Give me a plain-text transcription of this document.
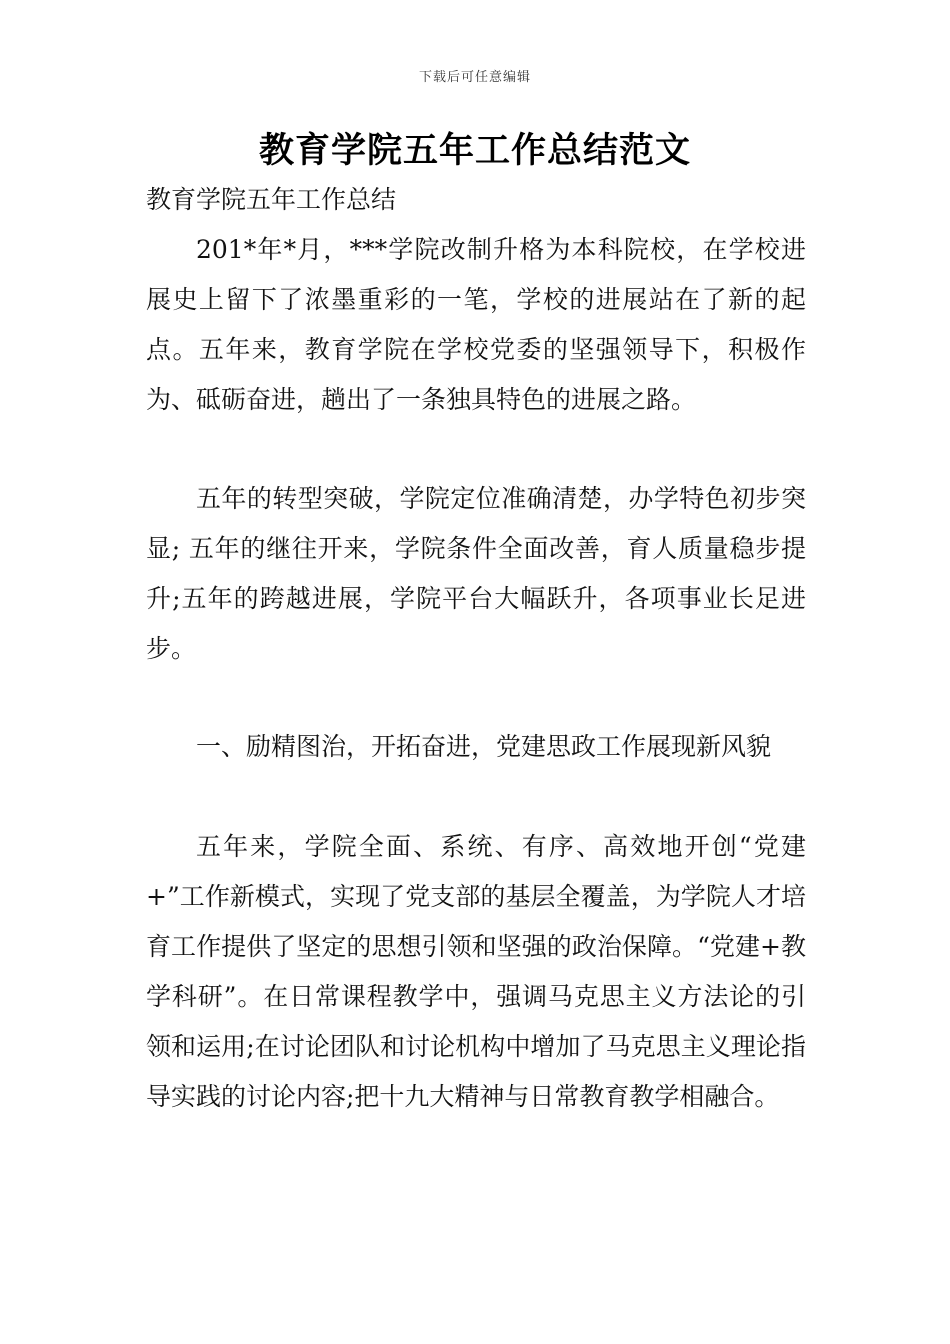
下载后可任意编辑
教育学院五年工作总结范文
教育学院五年工作总结
201*年*月，***学院改制升格为本科院校，在学校进展史上留下了浓墨重彩的一笔，学校的进展站在了新的起点。五年来，教育学院在学校党委的坚强领导下，积极作为、砥砺奋进，趟出了一条独具特色的进展之路。
五年的转型突破，学院定位准确清楚，办学特色初步突显; 五年的继往开来，学院条件全面改善，育人质量稳步提升;五年的跨越进展，学院平台大幅跃升，各项事业长足进步。
一、励精图治，开拓奋进，党建思政工作展现新风貌
五年来，学院全面、系统、有序、高效地开创“党建+”工作新模式，实现了党支部的基层全覆盖，为学院人才培育工作提供了坚定的思想引领和坚强的政治保障。“党建+教学科研”。在日常课程教学中，强调马克思主义方法论的引领和运用;在讨论团队和讨论机构中增加了马克思主义理论指导实践的讨论内容;把十九大精神与日常教育教学相融合。
